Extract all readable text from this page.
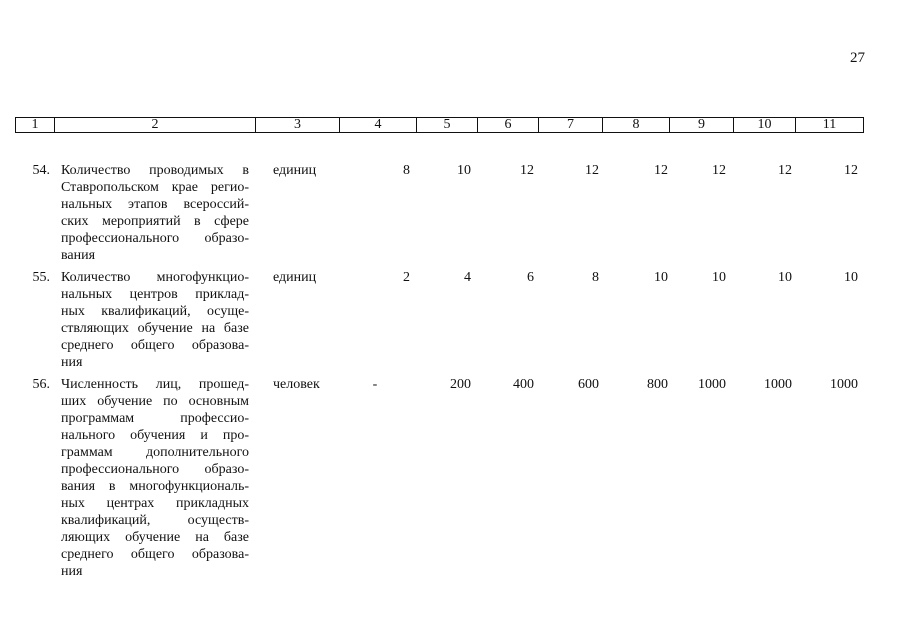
27
1	2	3	4	5	6	7	8	9	10	11
54. Количество проводимых в
Ставропольском крае регио-
нальных этапов всероссий-
ских мероприятий в сфере
профессионального образо-
вания
единиц	8	10	12	12	12	12	12	12
55. Количество многофункцио-
нальных центров приклад-
ных квалификаций, осуще-
ствляющих обучение на базе
среднего общего образова-
ния
единиц	2	4	6	8	10	10	10	10
56. Численность лиц, прошед-
ших обучение по основным
программам профессио-
нального обучения и про-
граммам дополнительного
профессионального образо-
вания в многофункциональ-
ных центрах прикладных
квалификаций, осуществ-
ляющих обучение на базе
среднего общего образова-
ния
человек	-	200	400	600	800	1000	1000	1000
